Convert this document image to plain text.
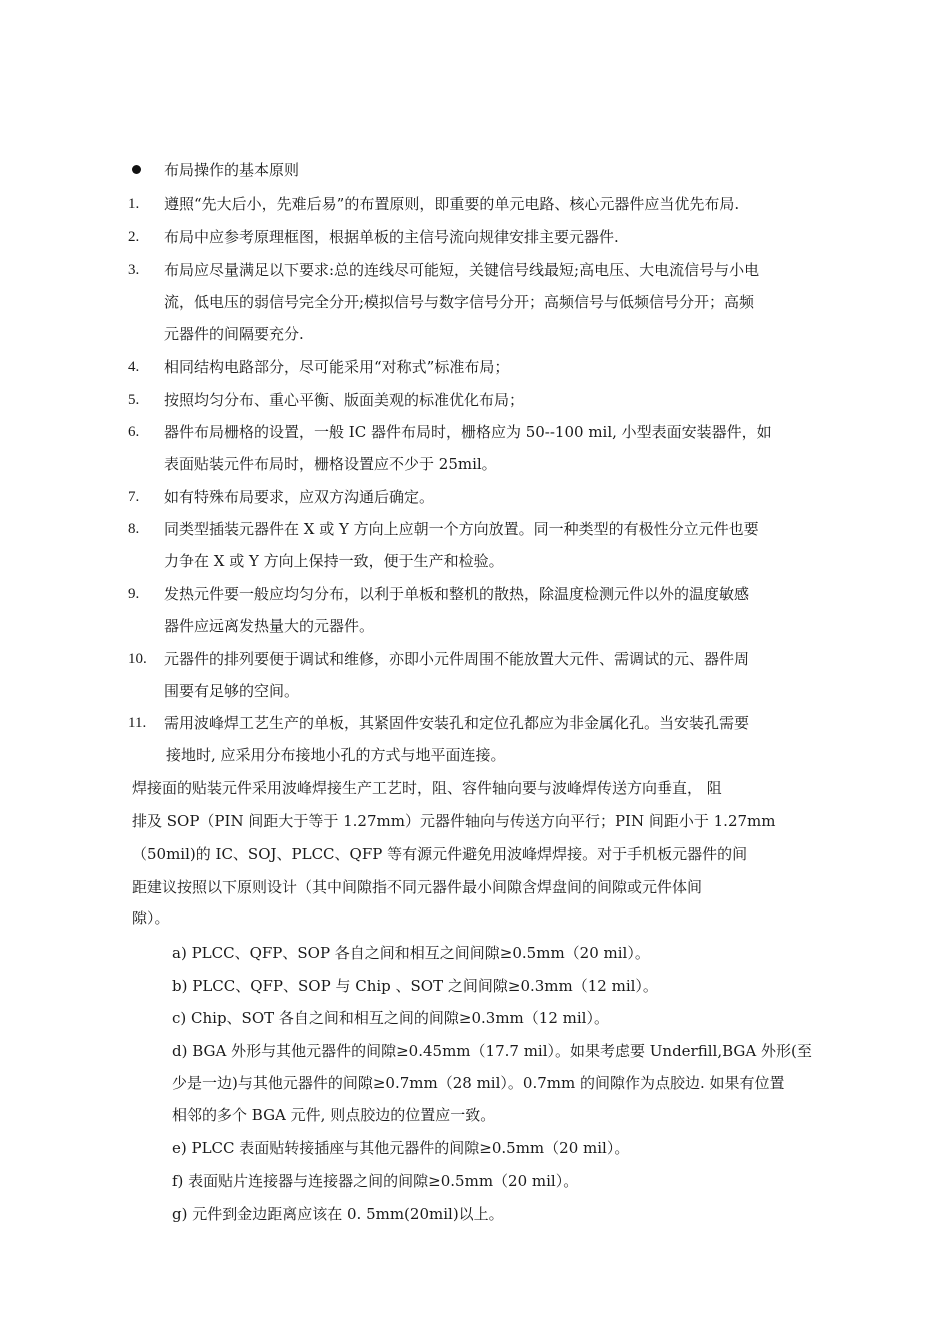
布局操作的基本原则
1.	遵照“先大后小，先难后易”的布置原则，即重要的单元电路、核心元器件应当优先布局.
2.	布局中应参考原理框图，根据单板的主信号流向规律安排主要元器件.
3.	布局应尽量满足以下要求:总的连线尽可能短，关键信号线最短;高电压、大电流信号与小电
流，低电压的弱信号完全分开;模拟信号与数字信号分开；高频信号与低频信号分开；高频
元器件的间隔要充分.
4.	相同结构电路部分，尽可能采用“对称式”标准布局；
5.	按照均匀分布、重心平衡、版面美观的标准优化布局；
6.	器件布局栅格的设置，一般 IC 器件布局时，栅格应为 50--100 mil, 小型表面安装器件，如
表面贴装元件布局时，栅格设置应不少于 25mil。
7.	如有特殊布局要求，应双方沟通后确定。
8.	同类型插装元器件在 X 或 Y 方向上应朝一个方向放置。同一种类型的有极性分立元件也要
力争在 X 或 Y 方向上保持一致，便于生产和检验。
9.	发热元件要一般应均匀分布，以利于单板和整机的散热，除温度检测元件以外的温度敏感
器件应远离发热量大的元器件。
10.	元器件的排列要便于调试和维修，亦即小元件周围不能放置大元件、需调试的元、器件周
围要有足够的空间。
11.	需用波峰焊工艺生产的单板，其紧固件安装孔和定位孔都应为非金属化孔。当安装孔需要
接地时, 应采用分布接地小孔的方式与地平面连接。
焊接面的贴装元件采用波峰焊接生产工艺时，阻、容件轴向要与波峰焊传送方向垂直， 阻
排及 SOP（PIN 间距大于等于 1.27mm）元器件轴向与传送方向平行；PIN 间距小于 1.27mm
（50mil)的 IC、SOJ、PLCC、QFP 等有源元件避免用波峰焊焊接。对于手机板元器件的间
距建议按照以下原则设计（其中间隙指不同元器件最小间隙含焊盘间的间隙或元件体间
隙）。
a) PLCC、QFP、SOP 各自之间和相互之间间隙≥0.5mm（20 mil）。
b) PLCC、QFP、SOP 与 Chip 、SOT 之间间隙≥0.3mm（12 mil）。
c) Chip、SOT 各自之间和相互之间的间隙≥0.3mm（12 mil）。
d) BGA 外形与其他元器件的间隙≥0.45mm（17.7 mil）。如果考虑要 Underfill,BGA 外形(至
少是一边)与其他元器件的间隙≥0.7mm（28 mil）。0.7mm 的间隙作为点胶边. 如果有位置
相邻的多个 BGA 元件, 则点胶边的位置应一致。
e) PLCC 表面贴转接插座与其他元器件的间隙≥0.5mm（20 mil）。
f) 表面贴片连接器与连接器之间的间隙≥0.5mm（20 mil）。
g) 元件到金边距离应该在 0. 5mm(20mil)以上。
